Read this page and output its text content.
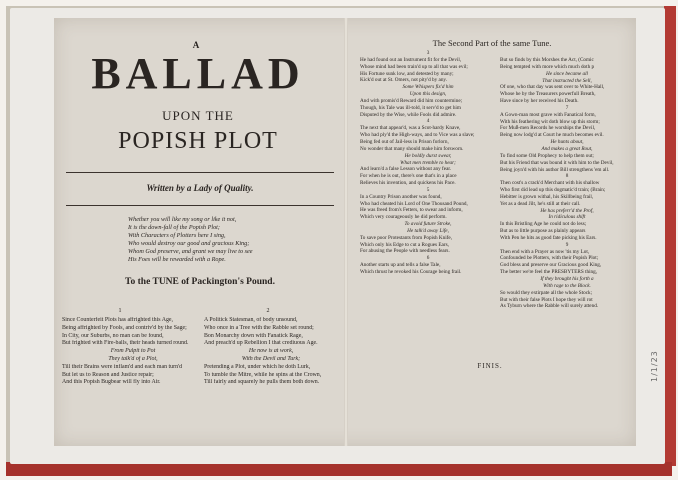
A
BALLAD
UPON THE
POPISH PLOT
Written by a Lady of Quality.

Whether you will like my song or like it not,

It is the down-fall of the Popish Plot;

With Characters of Plotters here I sing,

Who would destroy our good and gracious King;

Whom God preserve, and grant we may live to see

His Foes will be rewarded with a Rope.

To the TUNE of Packington's Pound.
1	2

Since Counterfeit Plots has affrighted this Age,

Being affrighted by Fools, and contriv'd by the Sage;

In City, our Suburbs, no man can be found,

But frighted with Fire-balls, their heads turned round.

From Pulpit to Pot

They talk'd of a Plot,

Till their Brains were inflam'd and each man turn'd

But let us to Reason and Justice repair;

And this Popish Bugbear will fly into Air.

A Politick Statesman, of body unsound,

Who once in a Tree with the Rabble set round;

Bon Monarchy down with Fanatick Rage,

And preach'd up Rebellion I that crediuous Age.

He now is at work,

With the Devil and Turk;

Pretending a Plot, under which he doth Lurk,

To tumble the Mitre, while he spins at the Crown,

Till fairly and squarely he pulls them both down.

The Second Part of the same Tune.

3

He had found out an Instrument fit for the Devil,

Whose mind had been train'd up to all that was evil;

His Fortune sunk low, and detested by many;

Kick'd out at St. Omers, not pity'd by any.

Some Whispers fix'd him

Upon this design,

And with promis'd Reward did him countermine;

Though, his Tale was ill-told, it serv'd to get him

Disputed by the Wise, while Fools did admire.

4

The next that appear'd, was a Scot-hardy Knave,

Who had ply'd the High-ways, and to Vice was a slave;

Being fed out of Jail-less in Prison forlorn,

No wonder that many should make him forsworn.

He boldly durst swear,

What men tremble to hear;

And learn'd a false Lesson without any fear.

For when he is out, there's one that's in a place

Relieves his invention, and quickens his Pace.

5

In a Country Prison another was found,

Who had cheated his Lord of One Thousand Pound,

He was freed from's Fetters, to swear and inform,

Which very courageously he did perform.

To avoid future Stroke,

He talk'd away Life,

To save poor Protestants from Popish Knife,

Which only his Edge to cut a Rogues Ears,

For abusing the People with needless fears.

6

Another starts up and tells a false Tale,

Which thrust he revoked his Courage being frail.

But so finds by this Morshes the Act, (Comic

Being tempted with more which much doth p

He since became all

That instructed the Sell,

Of one, who that day was sent over to White-Hall,

Whose he by the Treasurers powerfull Breath,

Have since by her received his Death.

7

A Gown-man most grave with Fanatical form,

With his feathering wit doth blow up this storm;

For Muß-men Records he worships the Devil,

Being now lodg'd at Court he much becomes evil.

He hunts about,

And makes a great Rout,

To find some Old Prophecy to help them out;

But his Friend that was bound it with him to the Devil,

Being joyn'd with his author Bill strengthens 'em all.

8

Then cost's a crack'd Merchant with his shallow

Who first did lead up this dogmatic'd train; (Brain;

Hebitter is grown withal, his Skillbeing frail,

Yet as a dead Jilt, he's still at their call.

He has preferr'd the Prof,

In ridiculous shift

In this Bristling Age he could not do less;

But as to little purpose as plainly appears

With Pen he hits as good fate picking his Ears.

9

Then end with a Prayer as now 'tis my Lot,

Confounded be Plotters, with their Popish Plot;

God bless and preserve our Gracious good King,

The better we're feel the PRESBYTERS thing,

If they brought his forth a

With rage to the Block.

So would they extirpate all the whole Stock;

But with their false Plots I hope they will rot

As Tyburn where the Rabble will surely attend.

FINIS.	1/1/23
